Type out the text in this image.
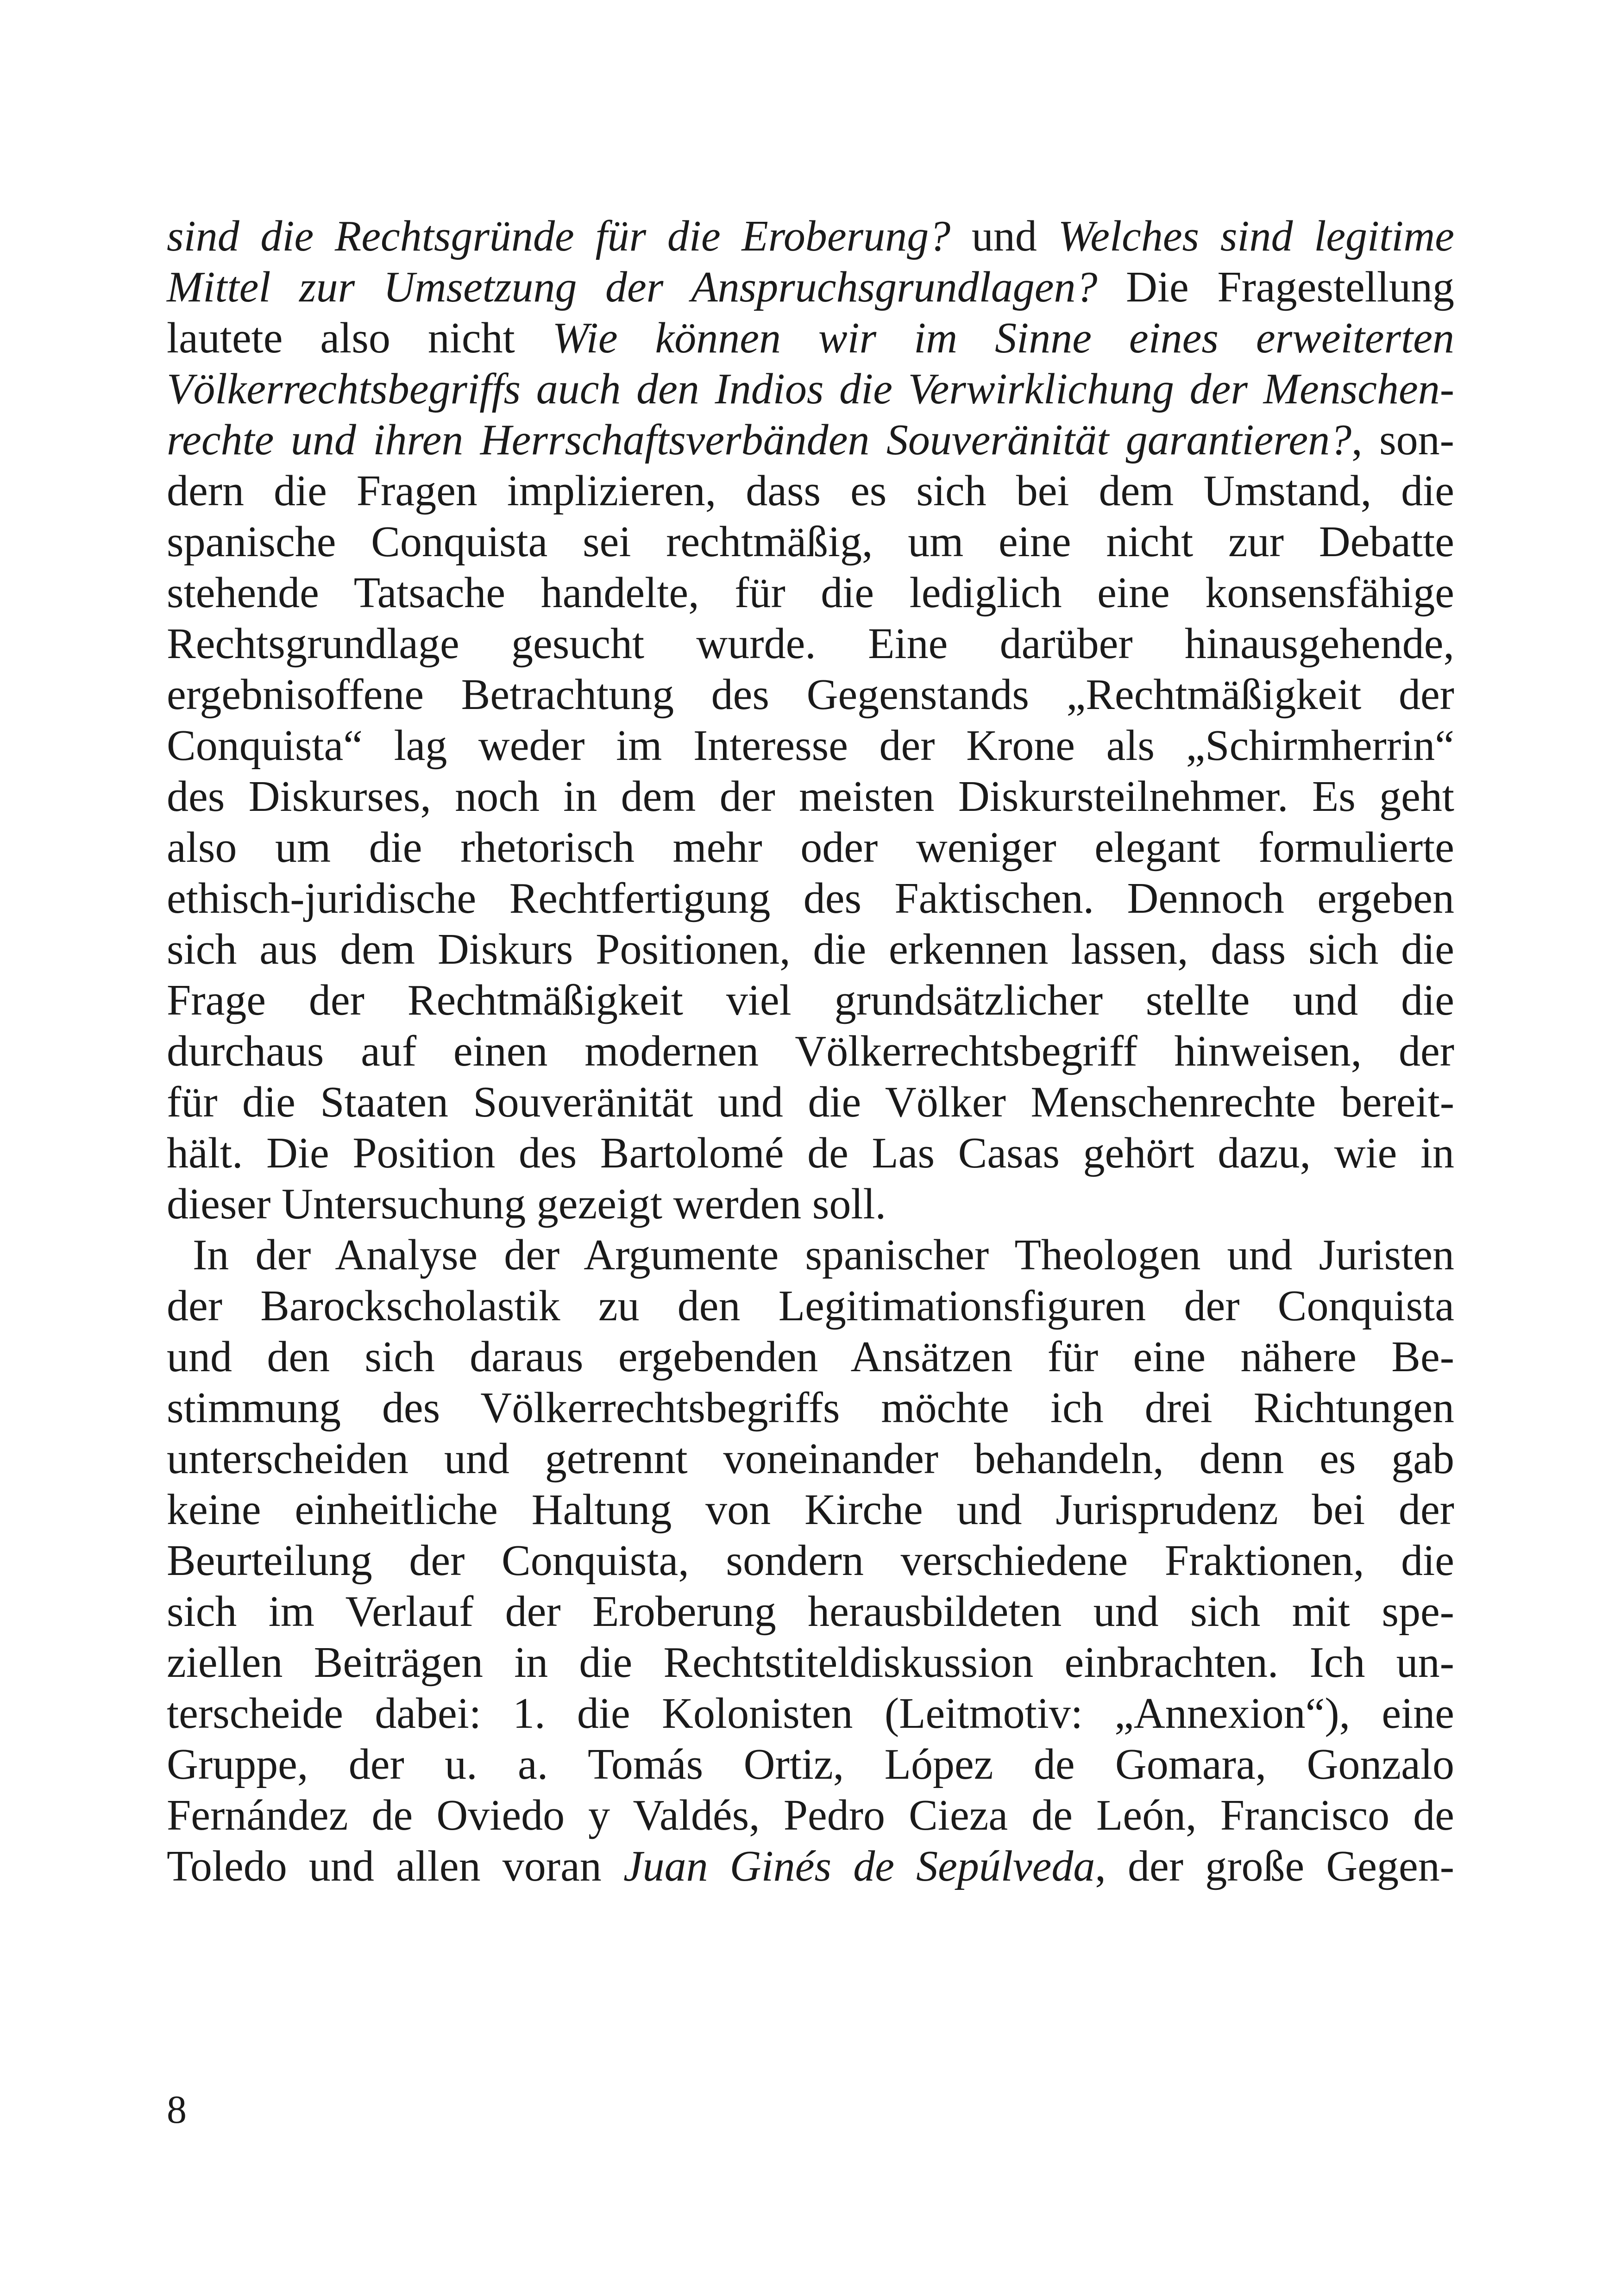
sind die Rechtsgründe für die Eroberung? und Welches sind legitime
Mittel zur Umsetzung der Anspruchsgrundlagen? Die Fragestellung
lautete also nicht Wie können wir im Sinne eines erweiterten
Völkerrechtsbegriffs auch den Indios die Verwirklichung der Menschen-
rechte und ihren Herrschaftsverbänden Souveränität garantieren?, son-
dern die Fragen implizieren, dass es sich bei dem Umstand, die
spanische Conquista sei rechtmäßig, um eine nicht zur Debatte
stehende Tatsache handelte, für die lediglich eine konsensfähige
Rechtsgrundlage gesucht wurde. Eine darüber hinausgehende,
ergebnisoffene Betrachtung des Gegenstands „Rechtmäßigkeit der
Conquista“ lag weder im Interesse der Krone als „Schirmherrin“
des Diskurses, noch in dem der meisten Diskursteilnehmer. Es geht
also um die rhetorisch mehr oder weniger elegant formulierte
ethisch-juridische Rechtfertigung des Faktischen. Dennoch ergeben
sich aus dem Diskurs Positionen, die erkennen lassen, dass sich die
Frage der Rechtmäßigkeit viel grundsätzlicher stellte und die
durchaus auf einen modernen Völkerrechtsbegriff hinweisen, der
für die Staaten Souveränität und die Völker Menschenrechte bereit-
hält. Die Position des Bartolomé de Las Casas gehört dazu, wie in
dieser Untersuchung gezeigt werden soll.
In der Analyse der Argumente spanischer Theologen und Juristen
der Barockscholastik zu den Legitimationsfiguren der Conquista
und den sich daraus ergebenden Ansätzen für eine nähere Be-
stimmung des Völkerrechtsbegriffs möchte ich drei Richtungen
unterscheiden und getrennt voneinander behandeln, denn es gab
keine einheitliche Haltung von Kirche und Jurisprudenz bei der
Beurteilung der Conquista, sondern verschiedene Fraktionen, die
sich im Verlauf der Eroberung herausbildeten und sich mit spe-
ziellen Beiträgen in die Rechtstiteldiskussion einbrachten. Ich un-
terscheide dabei: 1. die Kolonisten (Leitmotiv: „Annexion“), eine
Gruppe, der u. a. Tomás Ortiz, López de Gomara, Gonzalo
Fernández de Oviedo y Valdés, Pedro Cieza de León, Francisco de
Toledo und allen voran Juan Ginés de Sepúlveda, der große Gegen-
8
